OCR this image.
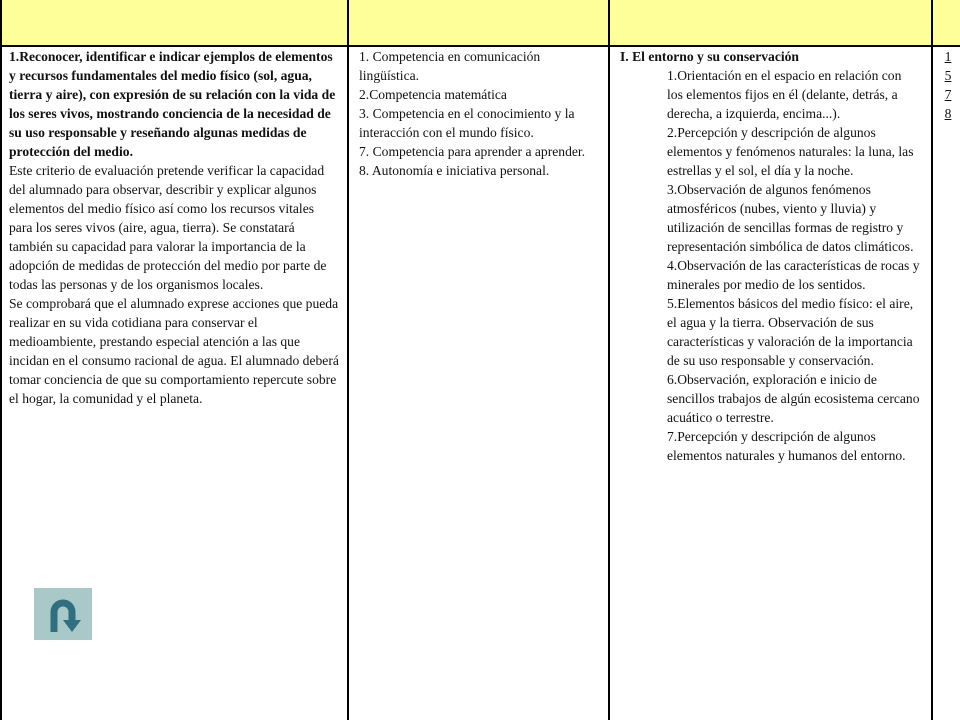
1.Reconocer, identificar e indicar ejemplos de elementos y recursos fundamentales del medio físico (sol, agua, tierra y aire), con expresión de su relación con la vida de los seres vivos, mostrando conciencia de la necesidad de su uso responsable y reseñando algunas medidas de protección del medio.
Este criterio de evaluación pretende verificar la capacidad del alumnado para observar, describir y explicar algunos elementos del medio físico así como los recursos vitales para los seres vivos (aire, agua, tierra). Se constatará también su capacidad para valorar la importancia de la adopción de medidas de protección del medio por parte de todas las personas y de los organismos locales.
Se comprobará que el alumnado exprese acciones que pueda realizar en su vida cotidiana para conservar el medioambiente, prestando especial atención a las que incidan en el consumo racional de agua. El alumnado deberá tomar conciencia de que su comportamiento repercute sobre el hogar, la comunidad y el planeta.
1. Competencia en comunicación lingüística.
2.Competencia matemática
3. Competencia en el conocimiento y la interacción con el mundo físico.
7. Competencia para aprender a aprender.
8. Autonomía e iniciativa personal.
I. El entorno y su conservación
1.Orientación en el espacio en relación con los elementos fijos en él (delante, detrás, a derecha, a izquierda, encima...).
2.Percepción y descripción de algunos elementos y fenómenos naturales: la luna, las estrellas y el sol, el día y la noche.
3.Observación de algunos fenómenos atmosféricos (nubes, viento y lluvia) y utilización de sencillas formas de registro y representación simbólica de datos climáticos.
4.Observación de las características de rocas y minerales por medio de los sentidos.
5.Elementos básicos del medio físico: el aire, el agua y la tierra. Observación de sus características y valoración de la importancia de su uso responsable y conservación.
6.Observación, exploración e inicio de sencillos trabajos de algún ecosistema cercano acuático o terrestre.
7.Percepción y descripción de algunos elementos naturales y humanos del entorno.
1
5
7
8
